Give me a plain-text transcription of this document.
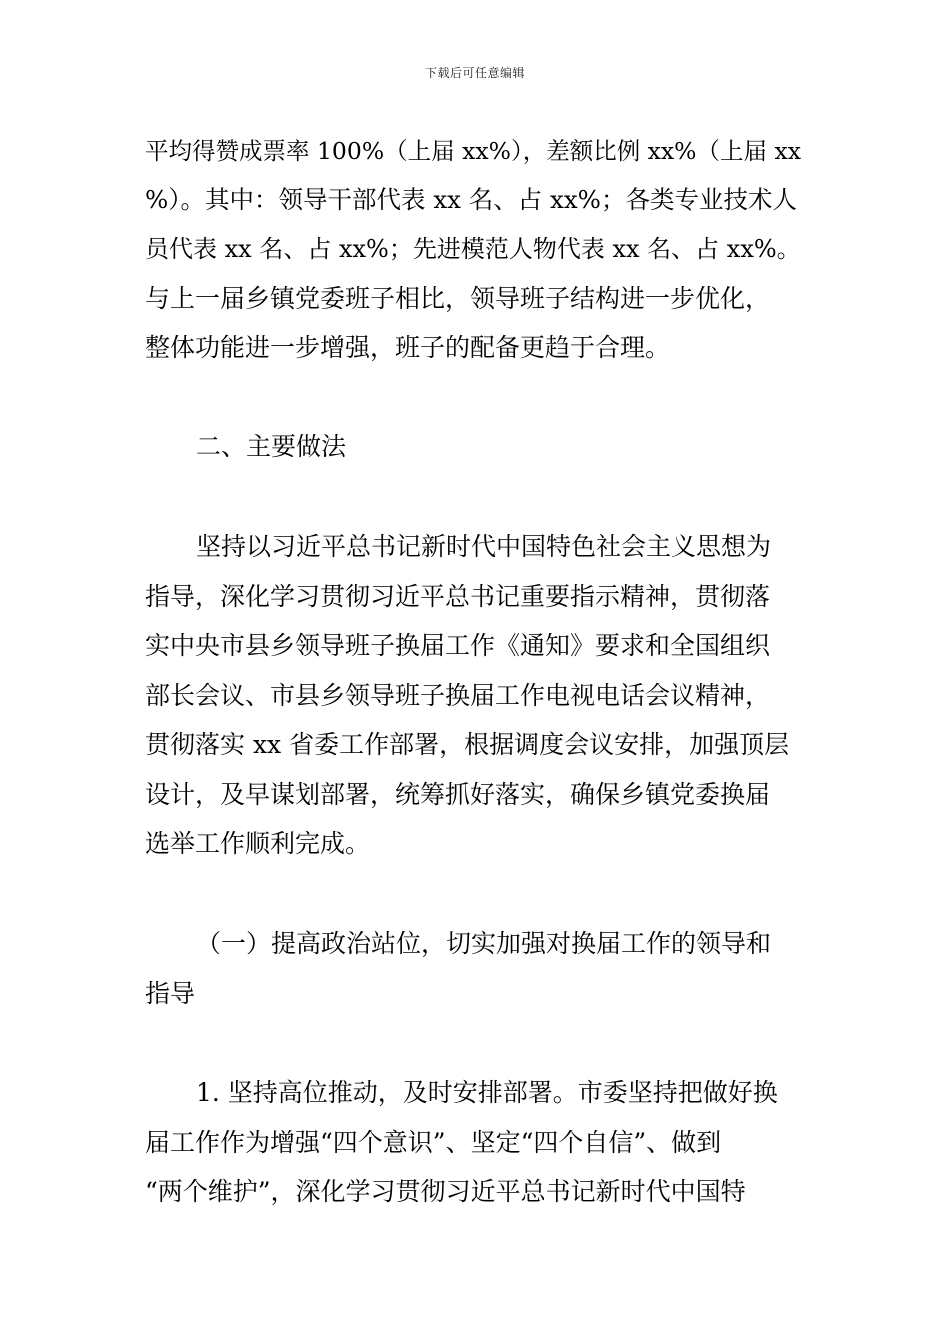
下载后可任意编辑
平均得赞成票率 100%（上届 xx%），差额比例 xx%（上届 xx
%）。其中：领导干部代表 xx 名、占 xx%；各类专业技术人
员代表 xx 名、占 xx%；先进模范人物代表 xx 名、占 xx%。
与上一届乡镇党委班子相比，领导班子结构进一步优化，
整体功能进一步增强，班子的配备更趋于合理。
二、主要做法
坚持以习近平总书记新时代中国特色社会主义思想为
指导，深化学习贯彻习近平总书记重要指示精神，贯彻落
实中央市县乡领导班子换届工作《通知》要求和全国组织
部长会议、市县乡领导班子换届工作电视电话会议精神，
贯彻落实 xx 省委工作部署，根据调度会议安排，加强顶层
设计，及早谋划部署，统筹抓好落实，确保乡镇党委换届
选举工作顺利完成。
（一）提高政治站位，切实加强对换届工作的领导和
指导
1. 坚持高位推动，及时安排部署。市委坚持把做好换
届工作作为增强“四个意识”、坚定“四个自信”、做到
“两个维护”，深化学习贯彻习近平总书记新时代中国特
